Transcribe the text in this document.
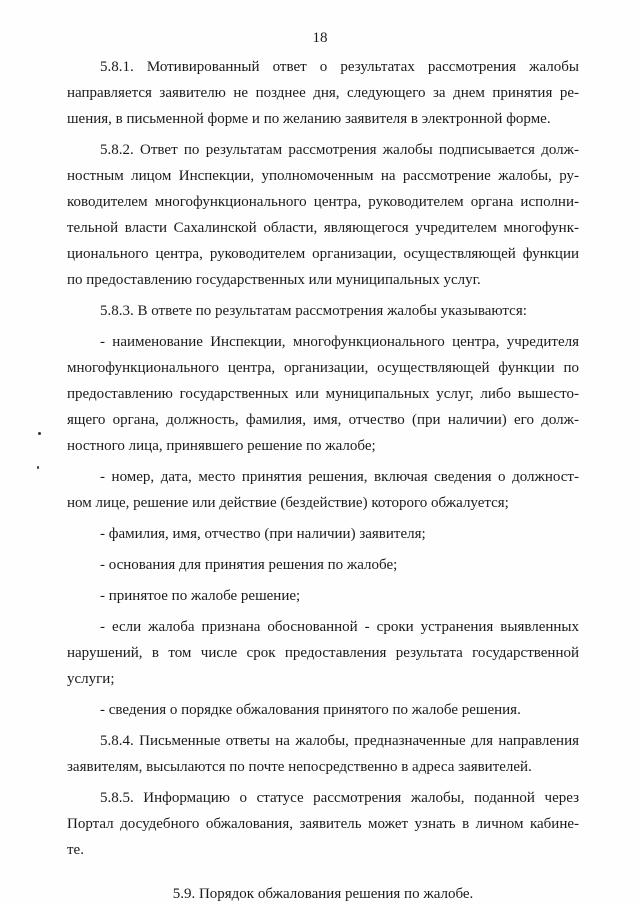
18
5.8.1. Мотивированный ответ о результатах рассмотрения жалобы
направляется заявителю не позднее дня, следующего за днем принятия ре-
шения, в письменной форме и по желанию заявителя в электронной форме.
5.8.2. Ответ по результатам рассмотрения жалобы подписывается долж-
ностным лицом Инспекции, уполномоченным на рассмотрение жалобы, ру-
ководителем многофункционального центра, руководителем органа исполни-
тельной власти Сахалинской области, являющегося учредителем многофунк-
ционального центра, руководителем организации, осуществляющей функции
по предоставлению государственных или муниципальных услуг.
5.8.3. В ответе по результатам рассмотрения жалобы указываются:
- наименование Инспекции, многофункционального центра, учредителя
многофункционального центра, организации, осуществляющей функции по
предоставлению государственных или муниципальных услуг, либо вышесто-
ящего органа, должность, фамилия, имя, отчество (при наличии) его долж-
ностного лица, принявшего решение по жалобе;
- номер, дата, место принятия решения, включая сведения о должност-
ном лице, решение или действие (бездействие) которого обжалуется;
- фамилия, имя, отчество (при наличии) заявителя;
- основания для принятия решения по жалобе;
- принятое по жалобе решение;
- если жалоба признана обоснованной - сроки устранения выявленных
нарушений, в том числе срок предоставления результата государственной
услуги;
- сведения о порядке обжалования принятого по жалобе решения.
5.8.4. Письменные ответы на жалобы, предназначенные для направления
заявителям, высылаются по почте непосредственно в адреса заявителей.
5.8.5. Информацию о статусе рассмотрения жалобы, поданной через
Портал досудебного обжалования, заявитель может узнать в личном кабине-
те.
5.9. Порядок обжалования решения по жалобе.
